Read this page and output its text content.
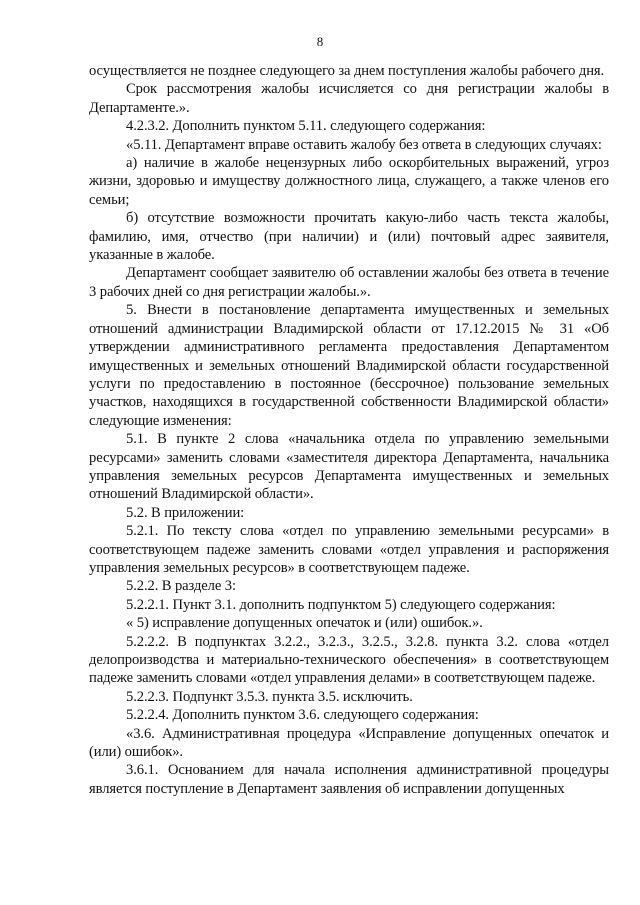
8

осуществляется не позднее следующего за днем поступления жалобы рабочего дня.

Срок рассмотрения жалобы исчисляется со дня регистрации жалобы в Департаменте.».

4.2.3.2. Дополнить пунктом 5.11. следующего содержания:

«5.11. Департамент вправе оставить жалобу без ответа в следующих случаях:

а) наличие в жалобе нецензурных либо оскорбительных выражений, угроз жизни, здоровью и имуществу должностного лица, служащего, а также членов его семьи;

б) отсутствие возможности прочитать какую-либо часть текста жалобы, фамилию, имя, отчество (при наличии) и (или) почтовый адрес заявителя, указанные в жалобе.

Департамент сообщает заявителю об оставлении жалобы без ответа в течение 3 рабочих дней со дня регистрации жалобы.».

5. Внести в постановление департамента имущественных и земельных отношений администрации Владимирской области от 17.12.2015 № 31 «Об утверждении административного регламента предоставления Департаментом имущественных и земельных отношений Владимирской области государственной услуги по предоставлению в постоянное (бессрочное) пользование земельных участков, находящихся в государственной собственности Владимирской области» следующие изменения:

5.1. В пункте 2 слова «начальника отдела по управлению земельными ресурсами» заменить словами «заместителя директора Департамента, начальника управления земельных ресурсов Департамента имущественных и земельных отношений Владимирской области».

5.2. В приложении:

5.2.1. По тексту слова «отдел по управлению земельными ресурсами» в соответствующем падеже заменить словами «отдел управления и распоряжения управления земельных ресурсов» в соответствующем падеже.

5.2.2. В разделе 3:

5.2.2.1. Пункт 3.1. дополнить подпунктом 5) следующего содержания:

« 5) исправление допущенных опечаток и (или) ошибок.».

5.2.2.2. В подпунктах 3.2.2., 3.2.3., 3.2.5., 3.2.8. пункта 3.2. слова «отдел делопроизводства и материально-технического обеспечения» в соответствующем падеже заменить словами «отдел управления делами» в соответствующем падеже.

5.2.2.3. Подпункт 3.5.3. пункта 3.5. исключить.

5.2.2.4. Дополнить пунктом 3.6. следующего содержания:

«3.6. Административная процедура «Исправление допущенных опечаток и (или) ошибок».

3.6.1. Основанием для начала исполнения административной процедуры является поступление в Департамент заявления об исправлении допущенных
